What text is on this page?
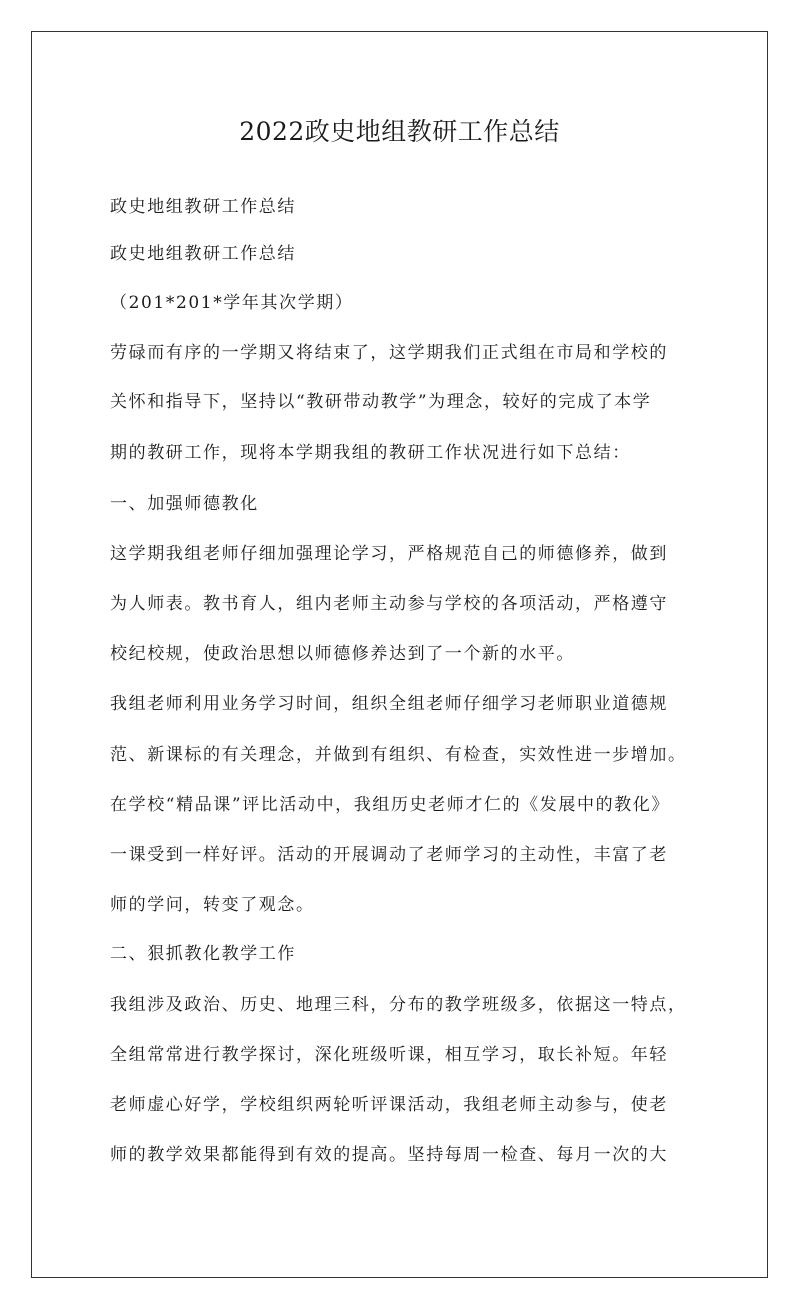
2022政史地组教研工作总结
政史地组教研工作总结
政史地组教研工作总结
（201*201*学年其次学期）
劳碌而有序的一学期又将结束了，这学期我们正式组在市局和学校的
关怀和指导下，坚持以“教研带动教学”为理念，较好的完成了本学
期的教研工作，现将本学期我组的教研工作状况进行如下总结：
一、加强师德教化
这学期我组老师仔细加强理论学习，严格规范自己的师德修养，做到
为人师表。教书育人，组内老师主动参与学校的各项活动，严格遵守
校纪校规，使政治思想以师德修养达到了一个新的水平。
我组老师利用业务学习时间，组织全组老师仔细学习老师职业道德规
范、新课标的有关理念，并做到有组织、有检查，实效性进一步增加。
在学校“精品课”评比活动中，我组历史老师才仁的《发展中的教化》
一课受到一样好评。活动的开展调动了老师学习的主动性，丰富了老
师的学问，转变了观念。
二、狠抓教化教学工作
我组涉及政治、历史、地理三科，分布的教学班级多，依据这一特点，
全组常常进行教学探讨，深化班级听课，相互学习，取长补短。年轻
老师虚心好学，学校组织两轮听评课活动，我组老师主动参与，使老
师的教学效果都能得到有效的提高。坚持每周一检查、每月一次的大
